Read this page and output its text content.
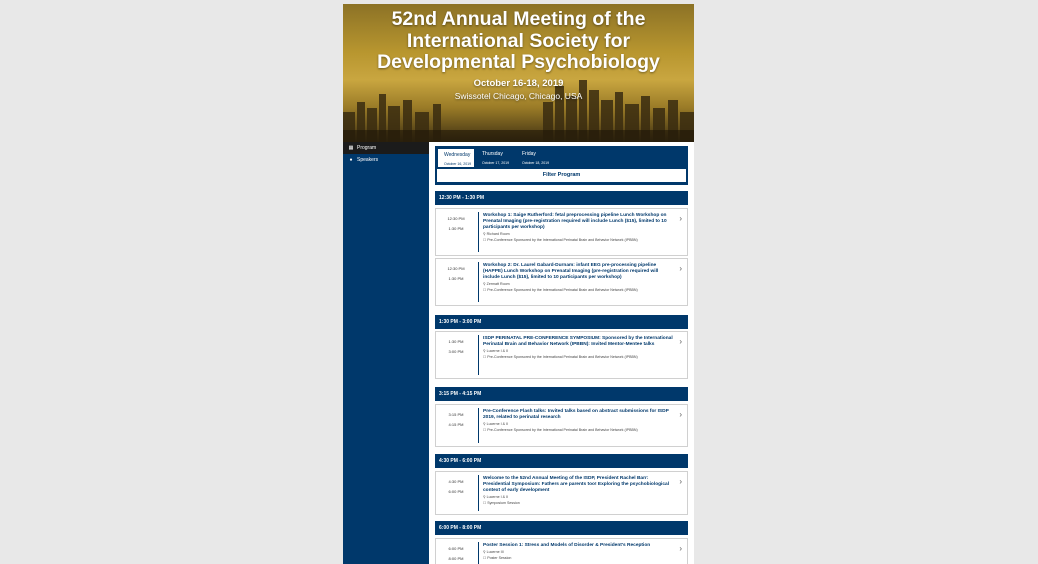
52nd Annual Meeting of the International Society for Developmental Psychobiology
October 16-18, 2019
Swissotel Chicago, Chicago, USA
▦ Program
● Speakers
Wednesday
October 16, 2019
Thursday
October 17, 2019
Friday
October 18, 2019
Filter Program
12:30 PM - 1:30 PM
12:30 PM
1:30 PM
Workshop 1: Saige Rutherford: fetal preprocessing pipeline Lunch Workshop on Prenatal Imaging (pre-registration required will include Lunch ($15), limited to 10 participants per workshop)
⚲ Richard Room
☐ Pre-Conference Sponsored by the International Perinatal Brain and Behavior Network (IPBBN)
›
12:30 PM
1:30 PM
Workshop 2: Dr. Laurel Gabard-Durnam: infant EEG pre-processing pipeline (HAPPE) Lunch Workshop on Prenatal Imaging (pre-registration required will include Lunch ($15), limited to 10 participants per workshop)
⚲ Zermatt Room
☐ Pre-Conference Sponsored by the International Perinatal Brain and Behavior Network (IPBBN)
›
1:30 PM - 3:00 PM
1:30 PM
3:00 PM
ISDP PERINATAL PRE-CONFERENCE SYMPOSIUM: Sponsored by the International Perinatal Brain and Behavior Network (IPBBN): Invited Mentor-Mentee talks
⚲ Lucerne I & II
☐ Pre-Conference Sponsored by the International Perinatal Brain and Behavior Network (IPBBN)
›
3:15 PM - 4:15 PM
3:15 PM
4:15 PM
Pre-Conference Flash talks: Invited talks based on abstract submissions for ISDP 2019, related to perinatal research
⚲ Lucerne I & II
☐ Pre-Conference Sponsored by the International Perinatal Brain and Behavior Network (IPBBN)
›
4:30 PM - 6:00 PM
4:30 PM
6:00 PM
Welcome to the 52nd Annual Meeting of the ISDP, President Rachel Barr: Presidential Symposium: Fathers are parents too! Exploring the psychobiological context of early development
⚲ Lucerne I & II
☐ Symposium Session
›
6:00 PM - 8:00 PM
6:00 PM
8:00 PM
Poster Session 1: Stress and Models of Disorder & President's Reception
⚲ Lucerne III
☐ Poster Session
›
